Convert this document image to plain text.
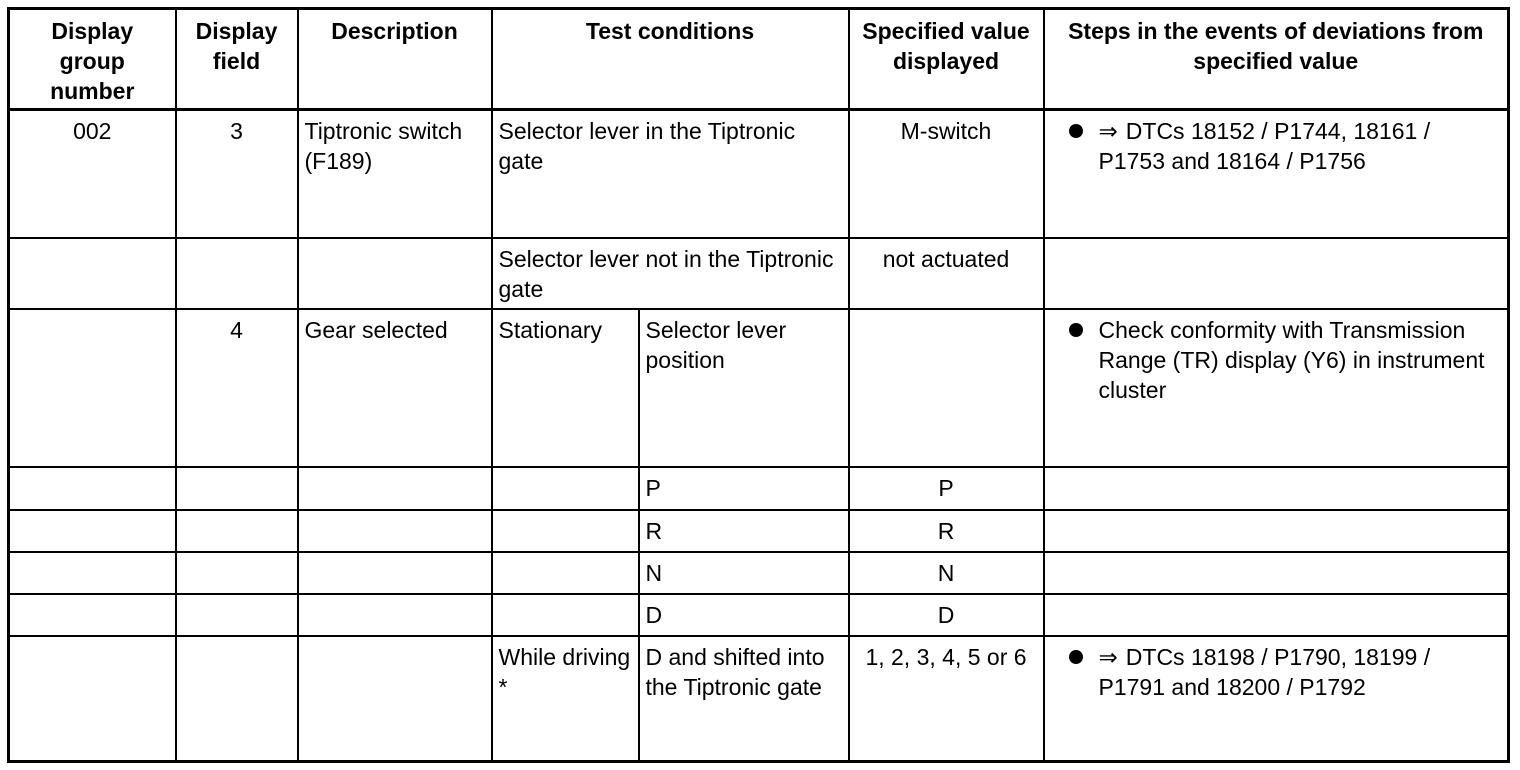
Display group number	Display field	Description	Test conditions		Specified value displayed	Steps in the events of deviations from specified value
002	3	Tiptronic switch (F189)	Selector lever in the Tiptronic gate		M-switch	⇒ DTCs 18152 / P1744, 18161 / P1753 and 18164 / P1756

			Selector lever not in the Tiptronic gate		not actuated	
	4	Gear selected	Stationary	Selector lever position		Check conformity with Transmission Range (TR) display (Y6) in instrument cluster

				P	P	
				R	R	
				N	N	
				D	D	
			While driving *	D and shifted into the Tiptronic gate	1, 2, 3, 4, 5 or 6	⇒ DTCs 18198 / P1790, 18199 / P1791 and 18200 / P1792
